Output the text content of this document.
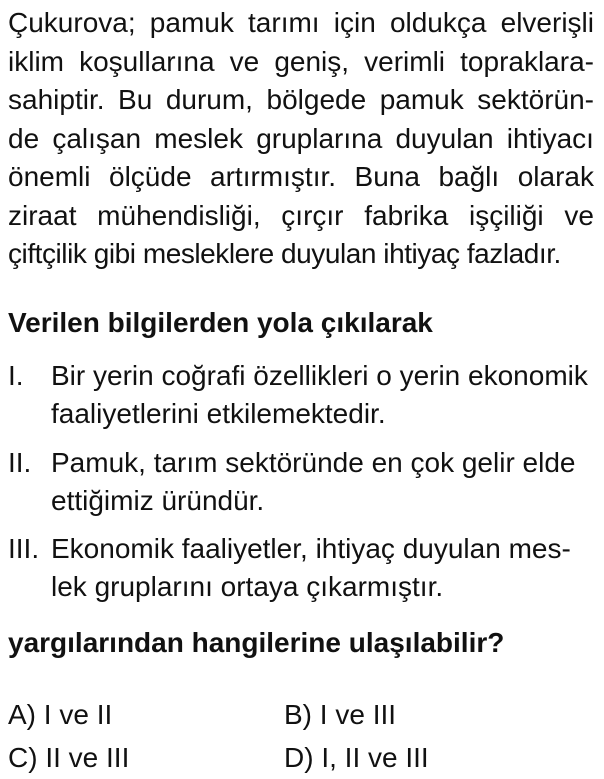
Çukurova; pamuk tarımı için oldukça elverişli
iklim koşullarına ve geniş, verimli topraklara-
sahiptir. Bu durum, bölgede pamuk sektörün-
de çalışan meslek gruplarına duyulan ihtiyacı
önemli ölçüde artırmıştır. Buna bağlı olarak
ziraat mühendisliği, çırçır fabrika işçiliği ve
çiftçilik gibi mesleklere duyulan ihtiyaç fazladır.
Verilen bilgilerden yola çıkılarak
I. Bir yerin coğrafi özellikleri o yerin ekonomik
faaliyetlerini etkilemektedir.
II. Pamuk, tarım sektöründe en çok gelir elde
ettiğimiz üründür.
III. Ekonomik faaliyetler, ihtiyaç duyulan mes-
lek gruplarını ortaya çıkarmıştır.
yargılarından hangilerine ulaşılabilir?
A) I ve II	B) I ve III
C) II ve III	D) I, II ve III
